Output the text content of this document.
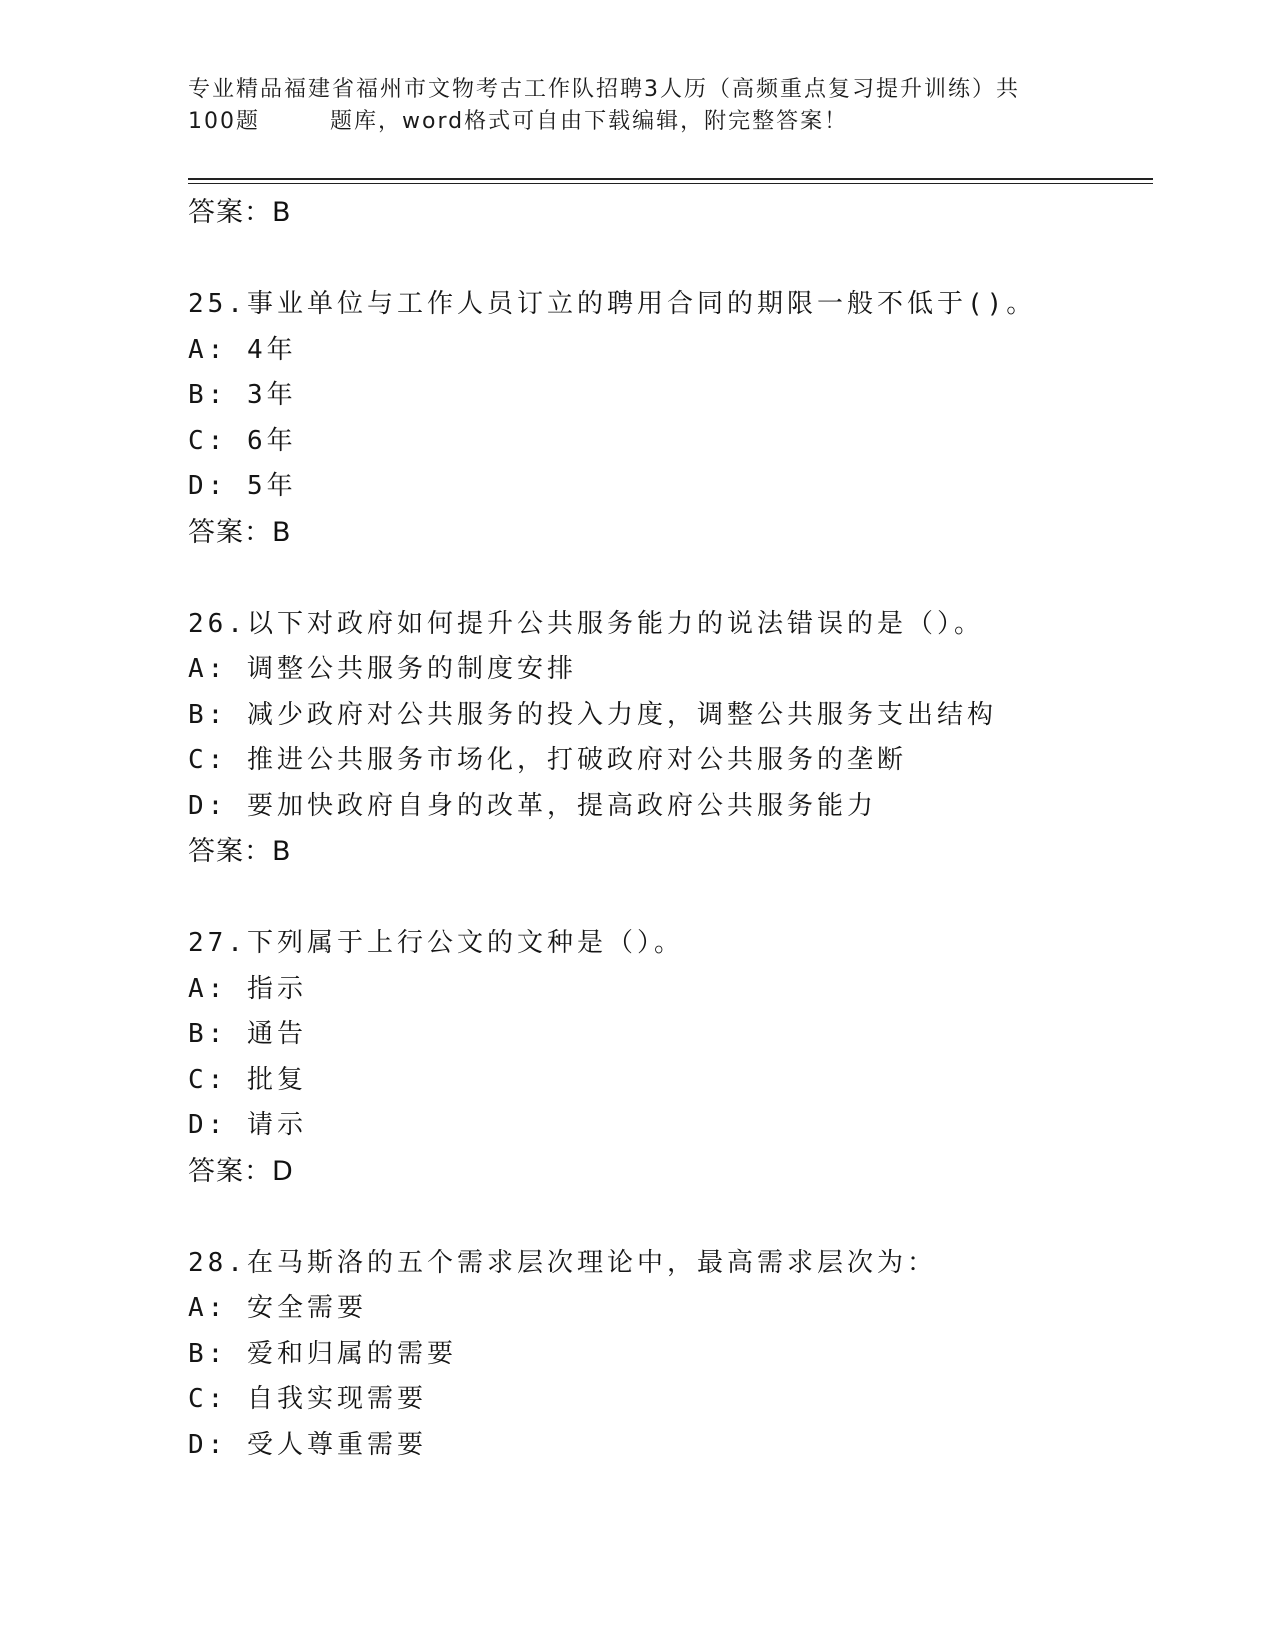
专业精品福建省福州市文物考古工作队招聘3人历（高频重点复习提升训练）共
100题	题库，word格式可自由下载编辑，附完整答案！
答案：B
25.事业单位与工作人员订立的聘用合同的期限一般不低于()。
A: 4年
B: 3年
C: 6年
D: 5年
答案：B
26.以下对政府如何提升公共服务能力的说法错误的是（）。
A: 调整公共服务的制度安排
B: 减少政府对公共服务的投入力度，调整公共服务支出结构
C: 推进公共服务市场化，打破政府对公共服务的垄断
D: 要加快政府自身的改革，提高政府公共服务能力
答案：B
27.下列属于上行公文的文种是（）。
A: 指示
B: 通告
C: 批复
D: 请示
答案：D
28.在马斯洛的五个需求层次理论中，最高需求层次为：
A: 安全需要
B: 爱和归属的需要
C: 自我实现需要
D: 受人尊重需要
